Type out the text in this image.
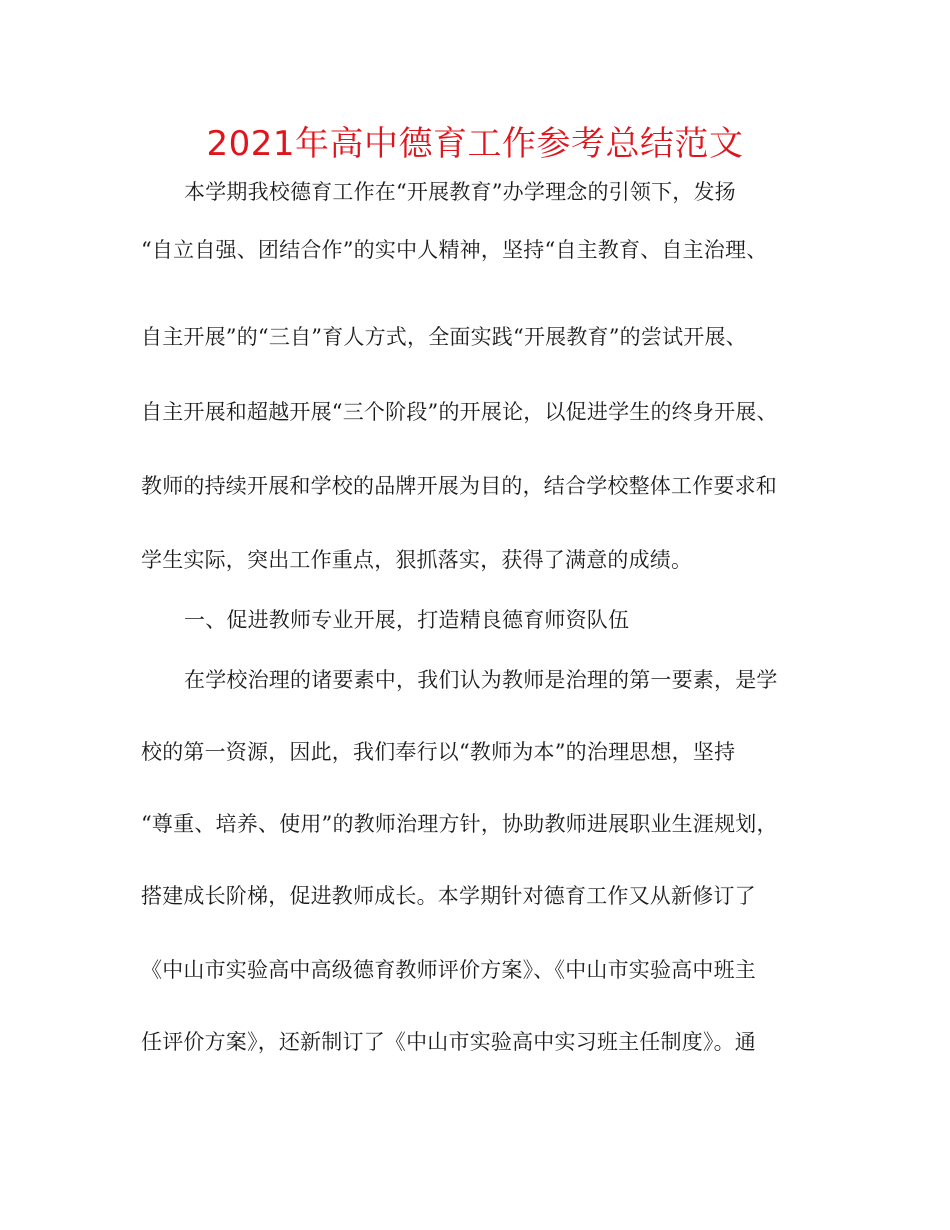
2021年高中德育工作参考总结范文
本学期我校德育工作在“开展教育”办学理念的引领下，发扬
“自立自强、团结合作”的实中人精神，坚持“自主教育、自主治理、
自主开展”的“三自”育人方式，全面实践“开展教育”的尝试开展、
自主开展和超越开展“三个阶段”的开展论，以促进学生的终身开展、
教师的持续开展和学校的品牌开展为目的，结合学校整体工作要求和
学生实际，突出工作重点，狠抓落实，获得了满意的成绩。
一、促进教师专业开展，打造精良德育师资队伍
在学校治理的诸要素中，我们认为教师是治理的第一要素，是学
校的第一资源，因此，我们奉行以“教师为本”的治理思想，坚持
“尊重、培养、使用”的教师治理方针，协助教师进展职业生涯规划，
搭建成长阶梯，促进教师成长。本学期针对德育工作又从新修订了
《中山市实验高中高级德育教师评价方案》、《中山市实验高中班主
任评价方案》，还新制订了《中山市实验高中实习班主任制度》。通
